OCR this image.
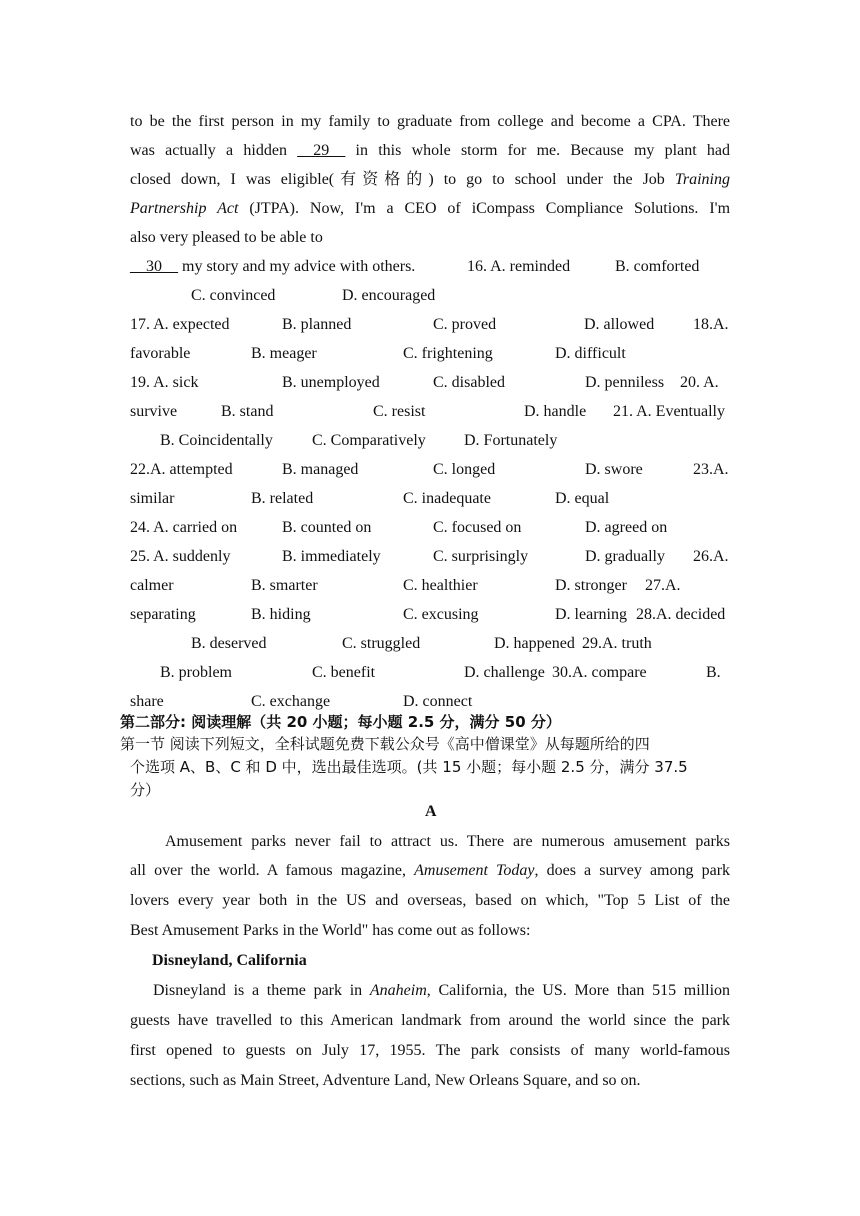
to be the first person in my family to graduate from college and become a CPA. There
was actually a hidden __29__ in this whole storm for me. Because my plant had
closed down, I was eligible(有资格的) to go to school under the Job Training
Partnership Act (JTPA). Now, I'm a CEO of iCompass Compliance Solutions. I'm
also very pleased to be able to
__30__ my story and my advice with others.	16. A. reminded	B. comforted
C. convinced	D. encouraged
17. A. expected	B. planned	C. proved	D. allowed 18.A.
favorable	B. meager	C. frightening	D. difficult
19. A. sick	B. unemployed	C. disabled	D. penniless 20. A.
survive	B. stand	C. resist	D. handle 21. A. Eventually
B. Coincidentally C. Comparatively D. Fortunately
22.A. attempted	B. managed	C. longed	D. swore	23.A.
similar	B. related	C. inadequate	D. equal
24. A. carried on	B. counted on	C. focused on	D. agreed on
25. A. suddenly	B. immediately	C. surprisingly	D. gradually 26.A.
calmer	B. smarter	C. healthier	D. stronger 27.A.
separating	B. hiding	C. excusing	D. learning 28.A. decided
B. deserved	C. struggled	D. happened 29.A. truth
B. problem	C. benefit	D. challenge 30.A. compare	B.
share	C. exchange	D. connect
第二部分: 阅读理解（共 20 小题；每小题 2.5 分，满分 50 分）
第一节 阅读下列短文，全科试题免费下载公众号《高中僧课堂》从每题所给的四
个选项 A、B、C 和 D 中，选出最佳选项。(共 15 小题；每小题 2.5 分，满分 37.5
分）
A
Amusement parks never fail to attract us. There are numerous amusement parks
all over the world. A famous magazine, Amusement Today, does a survey among park
lovers every year both in the US and overseas, based on which, "Top 5 List of the
Best Amusement Parks in the World" has come out as follows:
Disneyland, California
Disneyland is a theme park in Anaheim, California, the US. More than 515 million
guests have travelled to this American landmark from around the world since the park
first opened to guests on July 17, 1955. The park consists of many world-famous
sections, such as Main Street, Adventure Land, New Orleans Square, and so on.
